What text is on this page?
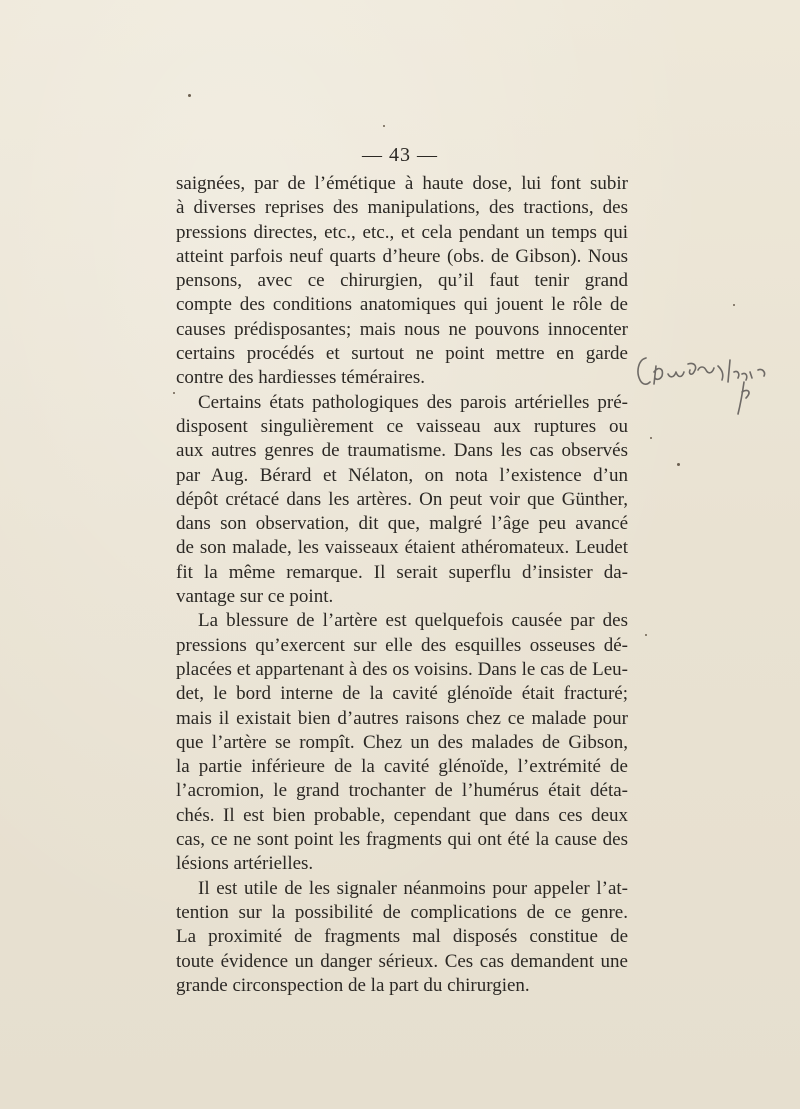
— 43 —
saignées, par de l’émétique à haute dose, lui font subir
à diverses reprises des manipulations, des tractions, des
pressions directes, etc., etc., et cela pendant un temps qui
atteint parfois neuf quarts d’heure (obs. de Gibson). Nous
pensons, avec ce chirurgien, qu’il faut tenir grand
compte des conditions anatomiques qui jouent le rôle de
causes prédisposantes; mais nous ne pouvons innocenter
certains procédés et surtout ne point mettre en garde
contre des hardiesses téméraires.
Certains états pathologiques des parois artérielles pré-
disposent singulièrement ce vaisseau aux ruptures ou
aux autres genres de traumatisme. Dans les cas observés
par Aug. Bérard et Nélaton, on nota l’existence d’un
dépôt crétacé dans les artères. On peut voir que Günther,
dans son observation, dit que, malgré l’âge peu avancé
de son malade, les vaisseaux étaient athéromateux. Leudet
fit la même remarque. Il serait superflu d’insister da-
vantage sur ce point.
La blessure de l’artère est quelquefois causée par des
pressions qu’exercent sur elle des esquilles osseuses dé-
placées et appartenant à des os voisins. Dans le cas de Leu-
det, le bord interne de la cavité glénoïde était fracturé;
mais il existait bien d’autres raisons chez ce malade pour
que l’artère se rompît. Chez un des malades de Gibson,
la partie inférieure de la cavité glénoïde, l’extrémité de
l’acromion, le grand trochanter de l’humérus était déta-
chés. Il est bien probable, cependant que dans ces deux
cas, ce ne sont point les fragments qui ont été la cause des
lésions artérielles.
Il est utile de les signaler néanmoins pour appeler l’at-
tention sur la possibilité de complications de ce genre.
La proximité de fragments mal disposés constitue de
toute évidence un danger sérieux. Ces cas demandent une
grande circonspection de la part du chirurgien.
